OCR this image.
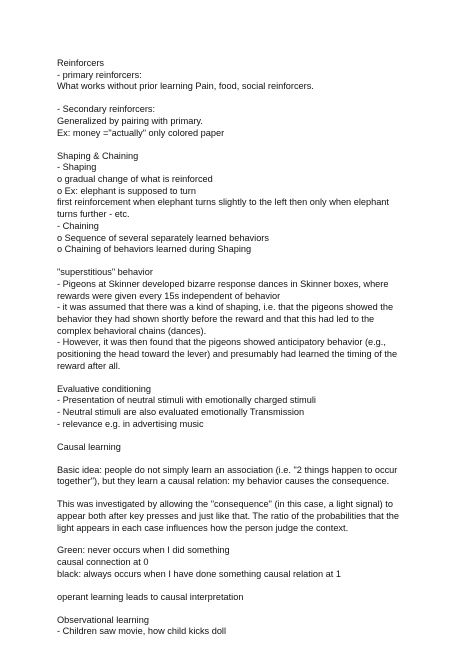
Reinforcers

- primary reinforcers:

What works without prior learning Pain, food, social reinforcers.

- Secondary reinforcers:

Generalized by pairing with primary.

Ex: money ="actually" only colored paper

Shaping & Chaining

- Shaping

o gradual change of what is reinforced

o Ex: elephant is supposed to turn

first reinforcement when elephant turns slightly to the left then only when elephant

turns further - etc.

- Chaining

o Sequence of several separately learned behaviors

o Chaining of behaviors learned during Shaping

"superstitious" behavior

- Pigeons at Skinner developed bizarre response dances in Skinner boxes, where

rewards were given every 15s independent of behavior

- it was assumed that there was a kind of shaping, i.e. that the pigeons showed the

behavior they had shown shortly before the reward and that this had led to the

complex behavioral chains (dances).

- However, it was then found that the pigeons showed anticipatory behavior (e.g.,

positioning the head toward the lever) and presumably had learned the timing of the

reward after all.

Evaluative conditioning

- Presentation of neutral stimuli with emotionally charged stimuli

- Neutral stimuli are also evaluated emotionally Transmission

- relevance e.g. in advertising music

Causal learning

Basic idea: people do not simply learn an association (i.e. "2 things happen to occur

together"), but they learn a causal relation: my behavior causes the consequence.

This was investigated by allowing the "consequence" (in this case, a light signal) to

appear both after key presses and just like that. The ratio of the probabilities that the

light appears in each case influences how the person judge the context.

Green: never occurs when I did something

causal connection at 0

black: always occurs when I have done something causal relation at 1

operant learning leads to causal interpretation

Observational learning

- Children saw movie, how child kicks doll
